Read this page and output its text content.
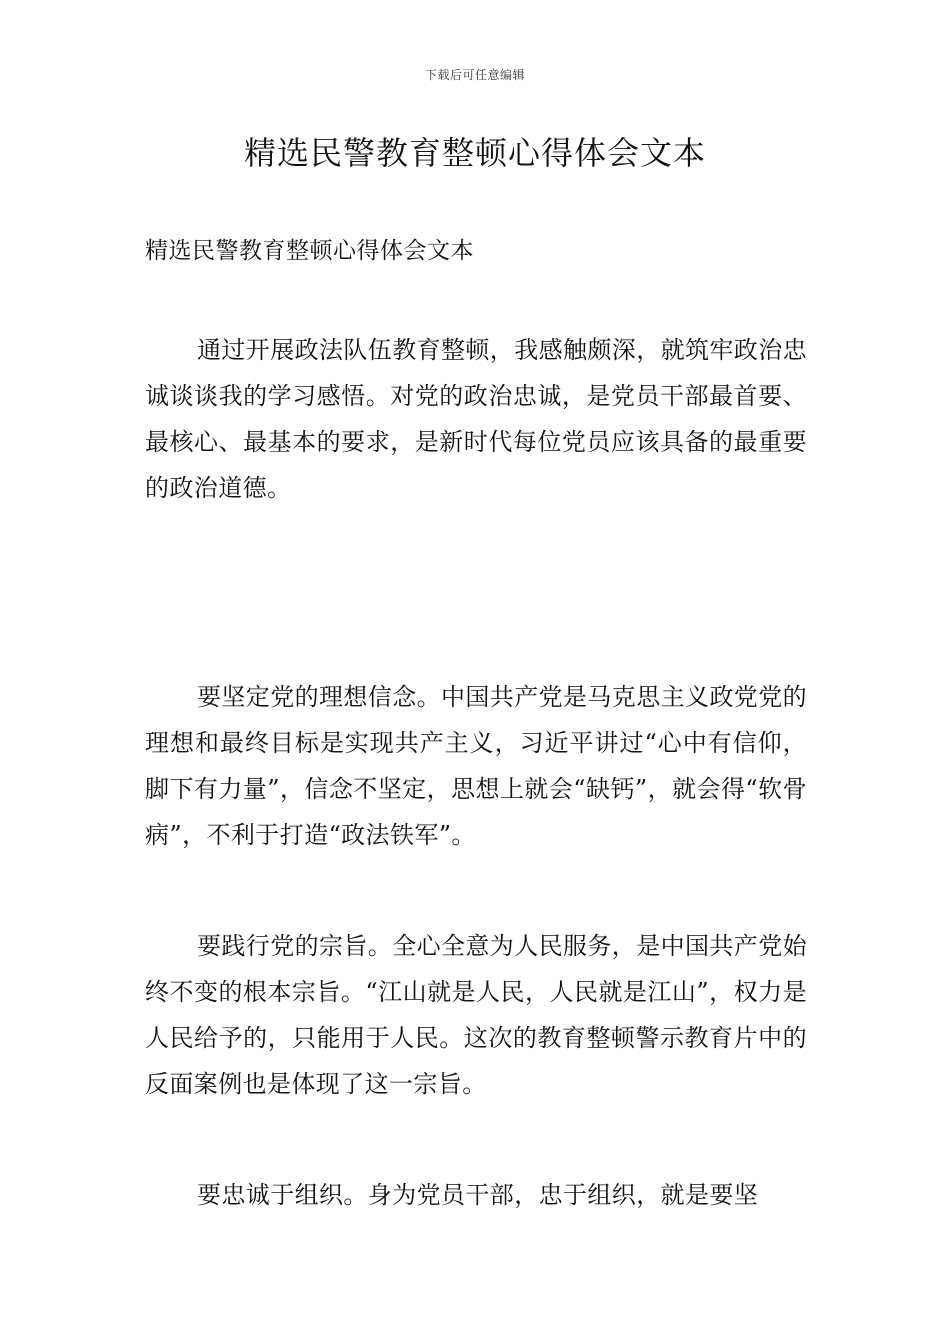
下载后可任意编辑
精选民警教育整顿心得体会文本
精选民警教育整顿心得体会文本

通过开展政法队伍教育整顿，我感触颇深，就筑牢政治忠诚谈谈我的学习感悟。对党的政治忠诚，是党员干部最首要、最核心、最基本的要求，是新时代每位党员应该具备的最重要的政治道德。

要坚定党的理想信念。中国共产党是马克思主义政党党的理想和最终目标是实现共产主义，习近平讲过“心中有信仰，脚下有力量”，信念不坚定，思想上就会“缺钙”，就会得“软骨病”，不利于打造“政法铁军”。

要践行党的宗旨。全心全意为人民服务，是中国共产党始终不变的根本宗旨。“江山就是人民，人民就是江山”，权力是人民给予的，只能用于人民。这次的教育整顿警示教育片中的反面案例也是体现了这一宗旨。

要忠诚于组织。身为党员干部，忠于组织，就是要坚
